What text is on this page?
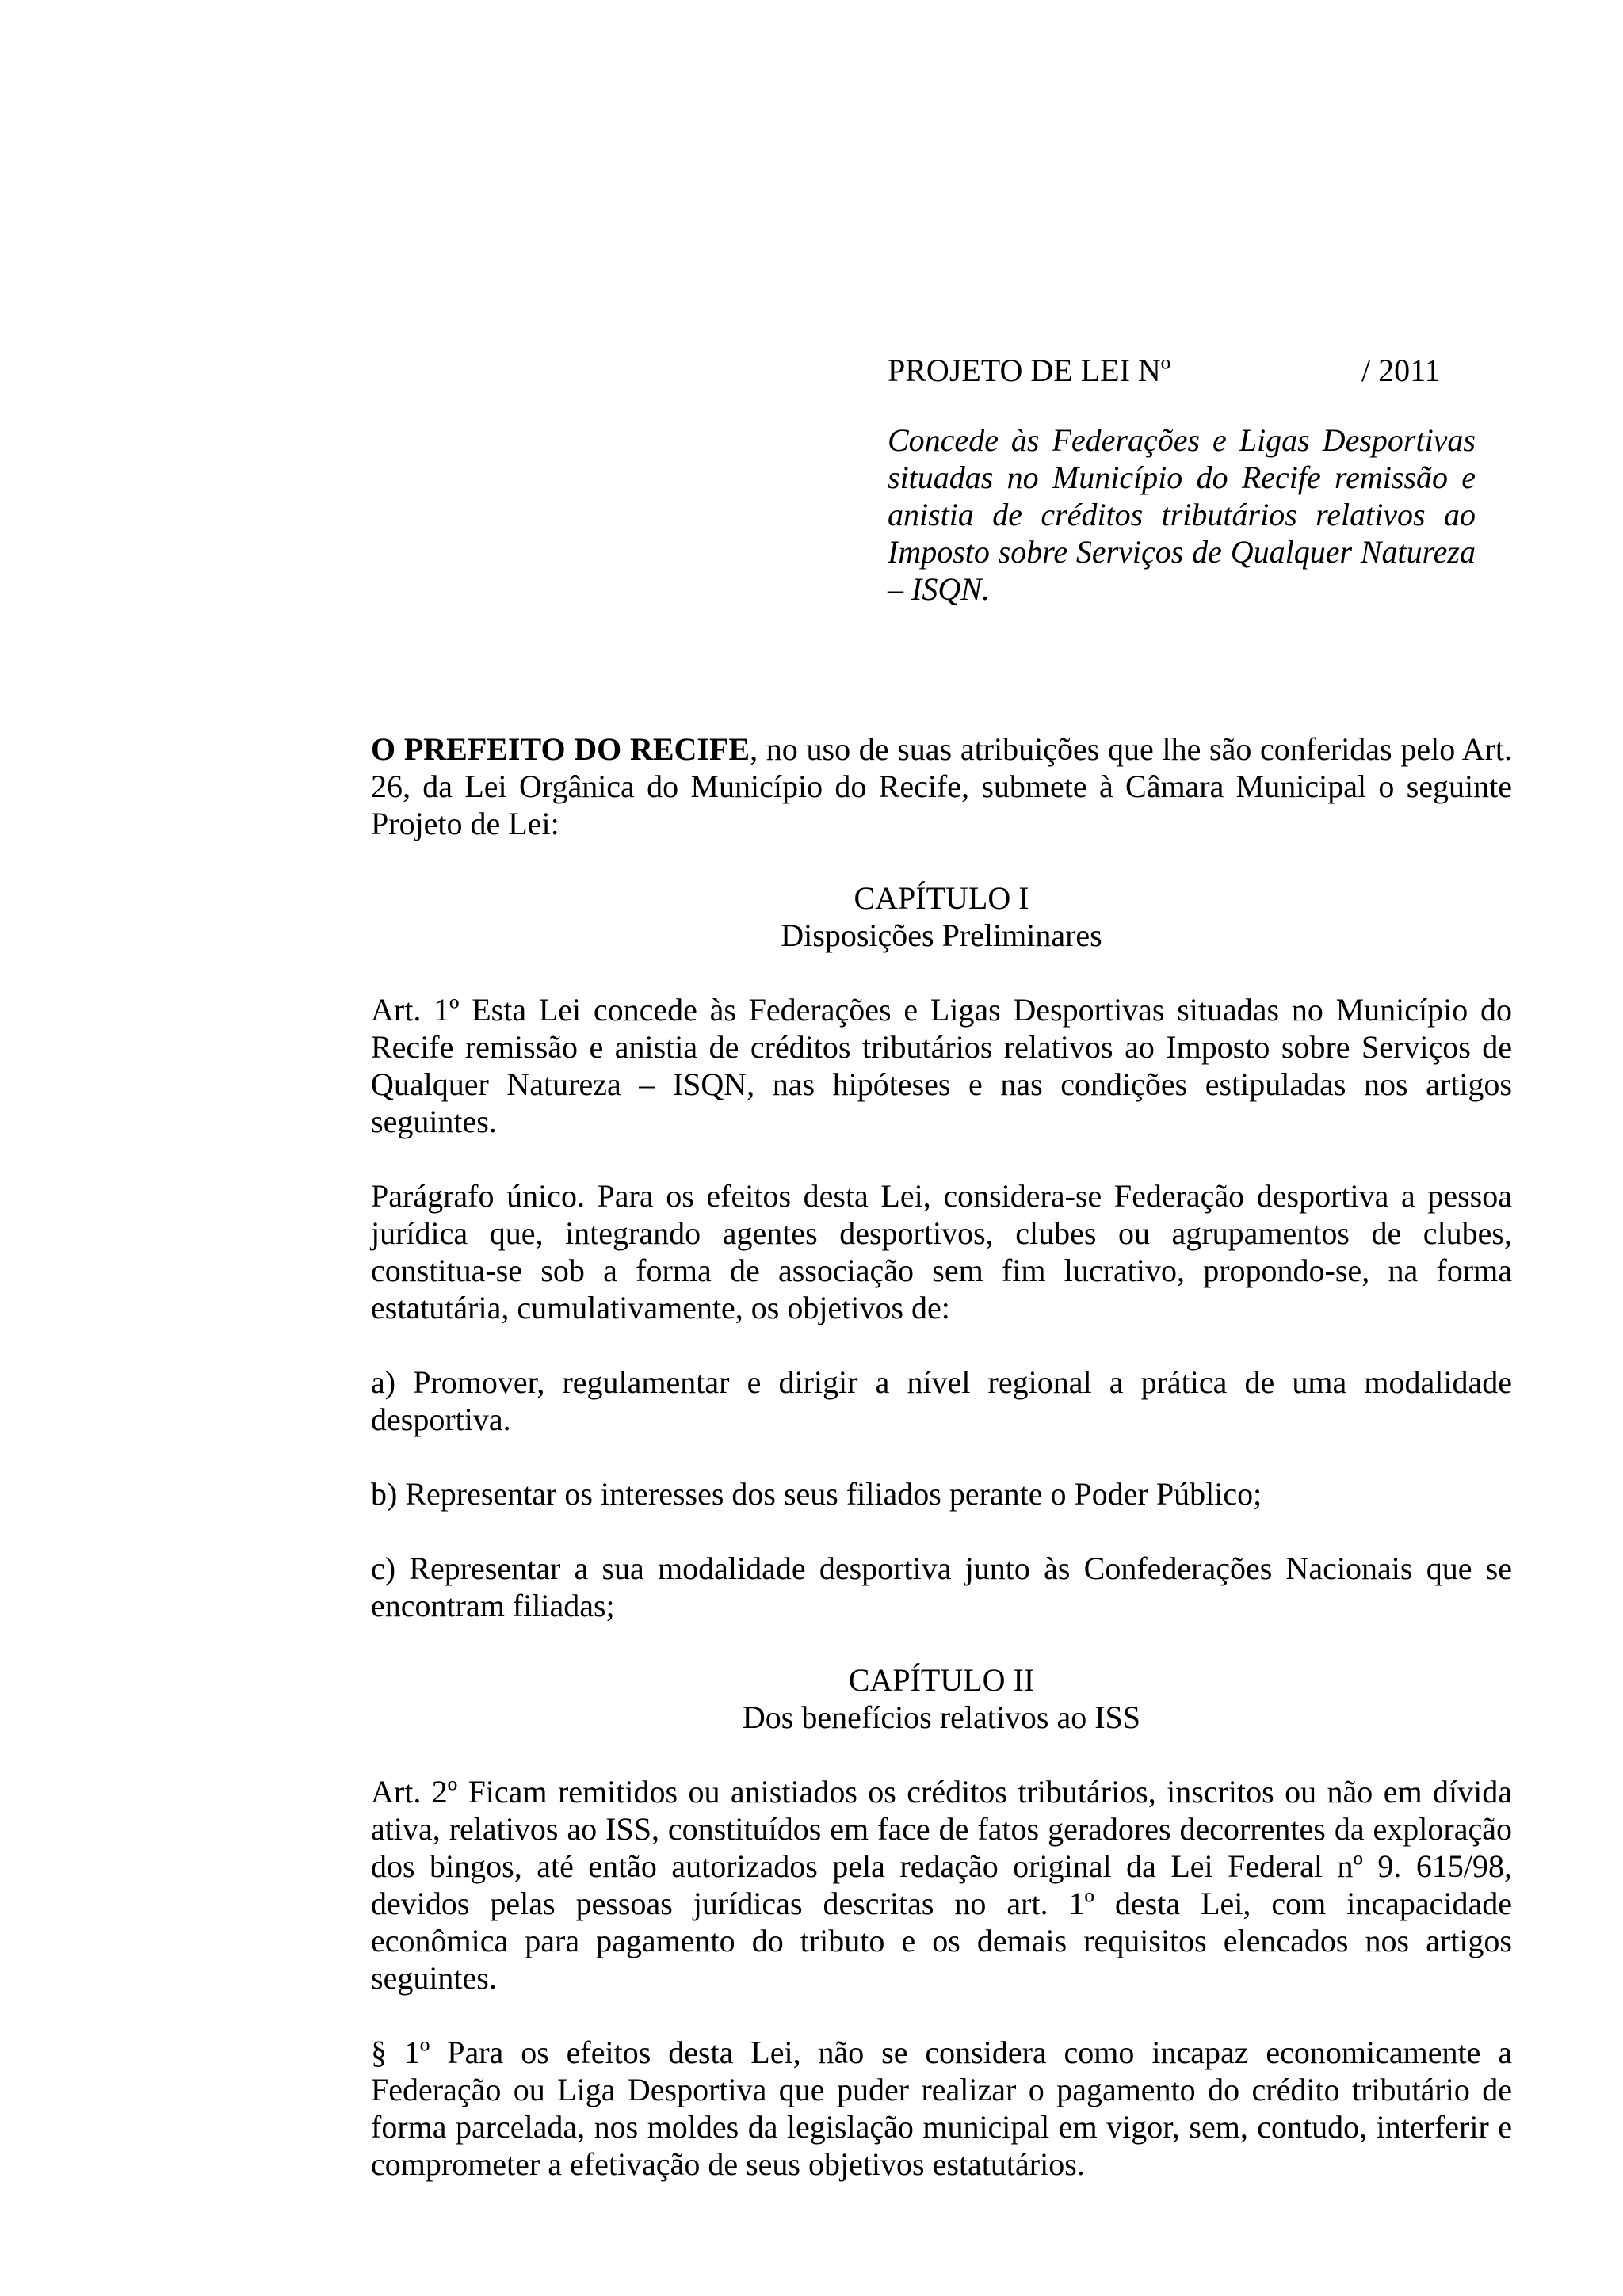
PROJETO DE LEI Nº	/ 2011

Concede às Federações e Ligas Desportivas situadas no Município do Recife remissão e anistia de créditos tributários relativos ao Imposto sobre Serviços de Qualquer Natureza – ISQN.

O PREFEITO DO RECIFE, no uso de suas atribuições que lhe são conferidas pelo Art. 26, da Lei Orgânica do Município do Recife, submete à Câmara Municipal o seguinte Projeto de Lei:

CAPÍTULO I
Disposições Preliminares

Art. 1º Esta Lei concede às Federações e Ligas Desportivas situadas no Município do Recife remissão e anistia de créditos tributários relativos ao Imposto sobre Serviços de Qualquer Natureza – ISQN, nas hipóteses e nas condições estipuladas nos artigos seguintes.

Parágrafo único. Para os efeitos desta Lei, considera-se Federação desportiva a pessoa jurídica que, integrando agentes desportivos, clubes ou agrupamentos de clubes, constitua-se sob a forma de associação sem fim lucrativo, propondo-se, na forma estatutária, cumulativamente, os objetivos de:

a) Promover, regulamentar e dirigir a nível regional a prática de uma modalidade desportiva.

b) Representar os interesses dos seus filiados perante o Poder Público;

c) Representar a sua modalidade desportiva junto às Confederações Nacionais que se encontram filiadas;

CAPÍTULO II
Dos benefícios relativos ao ISS

Art. 2º Ficam remitidos ou anistiados os créditos tributários, inscritos ou não em dívida ativa, relativos ao ISS, constituídos em face de fatos geradores decorrentes da exploração dos bingos, até então autorizados pela redação original da Lei Federal nº 9. 615/98, devidos pelas pessoas jurídicas descritas no art. 1º desta Lei, com incapacidade econômica para pagamento do tributo e os demais requisitos elencados nos artigos seguintes.

§ 1º Para os efeitos desta Lei, não se considera como incapaz economicamente a Federação ou Liga Desportiva que puder realizar o pagamento do crédito tributário de forma parcelada, nos moldes da legislação municipal em vigor, sem, contudo, interferir e comprometer a efetivação de seus objetivos estatutários.
